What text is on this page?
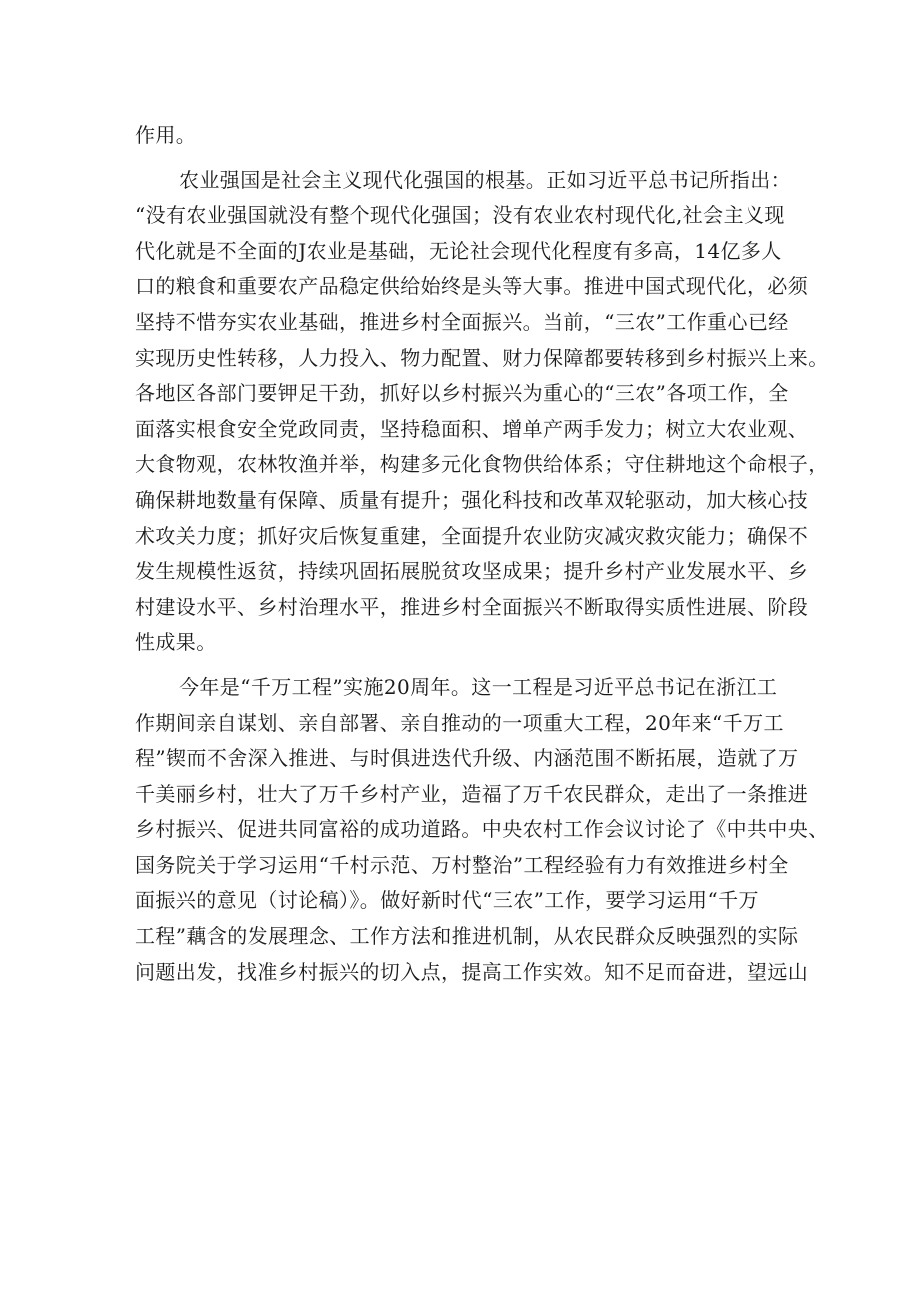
作用。
农业强国是社会主义现代化强国的根基。正如习近平总书记所指出：
“没有农业强国就没有整个现代化强国；没有农业农村现代化,社会主义现
代化就是不全面的J农业是基础，无论社会现代化程度有多高，14亿多人
口的粮食和重要农产品稳定供给始终是头等大事。推进中国式现代化，必须
坚持不惜夯实农业基础，推进乡村全面振兴。当前，“三农”工作重心已经
实现历史性转移，人力投入、物力配置、财力保障都要转移到乡村振兴上来。
各地区各部门要钾足干劲，抓好以乡村振兴为重心的“三农”各项工作，全
面落实根食安全党政同责，坚持稳面积、增单产两手发力；树立大农业观、
大食物观，农林牧渔并举，构建多元化食物供给体系；守住耕地这个命根子，
确保耕地数量有保障、质量有提升；强化科技和改革双轮驱动，加大核心技
术攻关力度；抓好灾后恢复重建，全面提升农业防灾减灾救灾能力；确保不
发生规模性返贫，持续巩固拓展脱贫攻坚成果；提升乡村产业发展水平、乡
村建设水平、乡村治理水平，推进乡村全面振兴不断取得实质性进展、阶段
性成果。
今年是“千万工程”实施20周年。这一工程是习近平总书记在浙江工
作期间亲自谋划、亲自部署、亲自推动的一项重大工程，20年来“千万工
程”锲而不舍深入推进、与时俱进迭代升级、内涵范围不断拓展，造就了万
千美丽乡村，壮大了万千乡村产业，造福了万千农民群众，走出了一条推进
乡村振兴、促进共同富裕的成功道路。中央农村工作会议讨论了《中共中央、
国务院关于学习运用“千村示范、万村整治”工程经验有力有效推进乡村全
面振兴的意见（讨论稿）》。做好新时代“三农”工作，要学习运用“千万
工程”藕含的发展理念、工作方法和推进机制，从农民群众反映强烈的实际
问题出发，找准乡村振兴的切入点，提高工作实效。知不足而奋进，望远山
